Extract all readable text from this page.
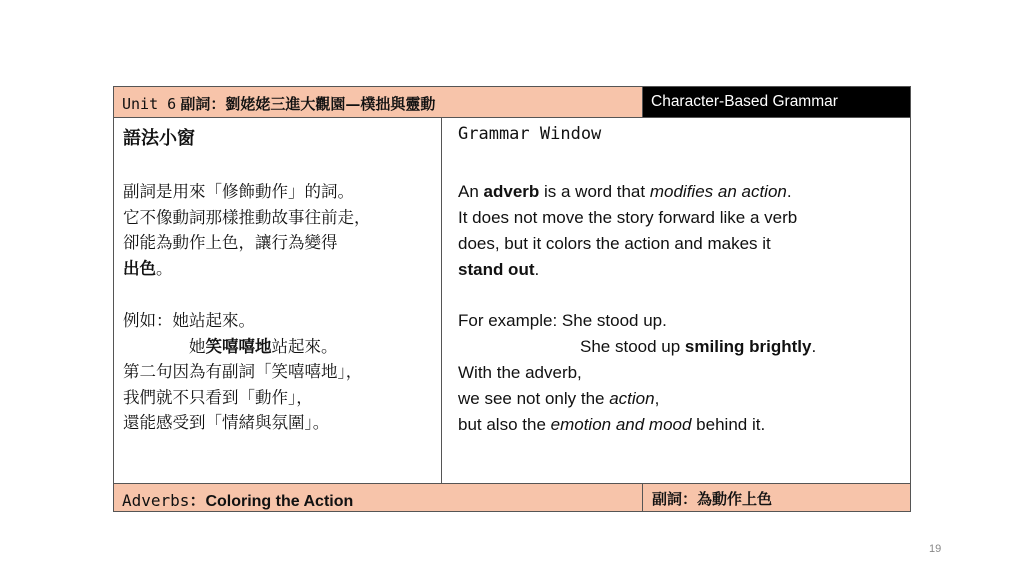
Unit 6 副詞：劉姥姥三進大觀園—樸拙與靈動	Character-Based Grammar
語法小窗
副詞是用來「修飾動作」的詞。
它不像動詞那樣推動故事往前走，
卻能為動作上色，讓行為變得
出色。
例如：她站起來。
她笑嘻嘻地站起來。
第二句因為有副詞「笑嘻嘻地」，
我們就不只看到「動作」，
還能感受到「情緒與氛圍」。
Grammar Window
An adverb is a word that modifies an action.
It does not move the story forward like a verb
does, but it colors the action and makes it
stand out.
For example: She stood up.
She stood up smiling brightly.
With the adverb,
we see not only the action,
but also the emotion and mood behind it.
Adverbs：Coloring the Action	副詞：為動作上色
19
